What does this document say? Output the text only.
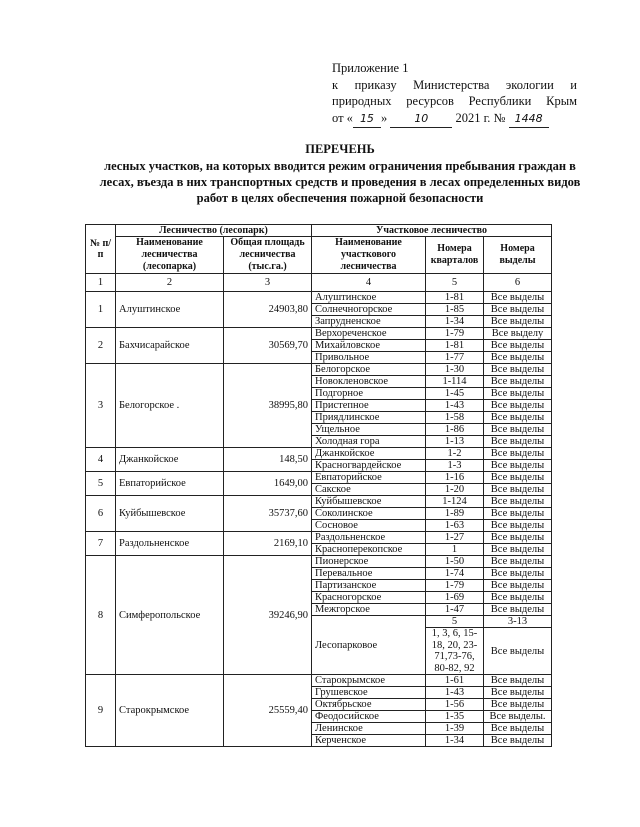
Приложение 1
к приказу Министерства экологии и
природных ресурсов Республики Крым
от « 15 » 10 2021 г. № 1448
ПЕРЕЧЕНЬ
лесных участков, на которых вводится режим ограничения пребывания граждан в лесах, въезда в них транспортных средств и проведения в лесах определенных видов работ в целях обеспечения пожарной безопасности
№ п/п	Лесничество (лесопарк)		Участковое лесничество		
	Наименование лесничества (лесопарка)	Общая площадь лесничества (тыс.га.)	Наименование участкового лесничества	Номера кварталов	Номера выделы
1	2	3	4	5	6
1	Алуштинское	24903,80	Алуштинское	1-81	Все выделы
			Солнечногорское	1-85	Все выделы
			Запрудненское	1-34	Все выделы
2	Бахчисарайское	30569,70	Верхореченское	1-79	Все выделу
			Михайловское	1-81	Все выделы
			Привольное	1-77	Все выделы
3	Белогорское .	38995,80	Белогорское	1-30	Все выделы
			Новокленовское	1-114	Все выделы
			Подгорное	1-45	Все выделы
			Пристепное	1-43	Все выделы
			Приядлинское	1-58	Все выделы
			Ущельное	1-86	Все выделы
			Холодная гора	1-13	Все выделы
4	Джанкойское	148,50	Джанкойское	1-2	Все выделы
			Красногвардейское	1-3	Все выделы
5	Евпаторийское	1649,00	Евпаторийское	1-16	Все выделы
			Сакское	1-20	Все выделы
6	Куйбышевское	35737,60	Куйбышевское	1-124	Все выделы
			Соколинское	1-89	Все выделы
			Сосновое	1-63	Все выделы
7	Раздольненское	2169,10	Раздольненское	1-27	Все выделы
			Краснoперекопское	1	Все выделы
8	Симферопольское	39246,90	Пионерское	1-50	Все выделы
			Перевальное	1-74	Все выделы
			Партизанское	1-79	Все выделы
			Красногорское	1-69	Все выделы
			Межгорское	1-47	Все выделы
			Лесопарковое	5	3-13
				1, 3, 6, 15-18, 20, 23-71,73-76, 80-82, 92	Все выделы
9	Старокрымское	25559,40	Старокрымское	1-61	Все выделы
			Грушевское	1-43	Все выделы
			Октябрьское	1-56	Все выделы
			Феодосийское	1-35	Все выделы.
			Ленинское	1-39	Все выделы
			Керченское	1-34	Все выделы
